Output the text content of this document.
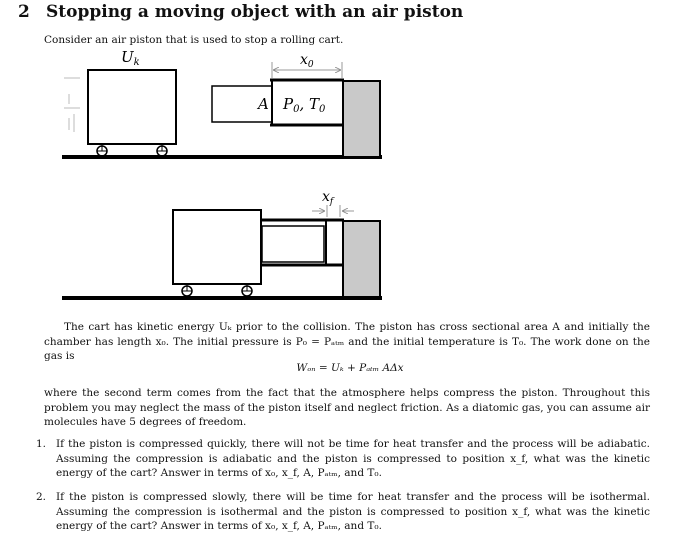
2 Stopping a moving object with an air piston
Consider an air piston that is used to stop a rolling cart.
$U_k$	$x_0$
A $P_0$, $T_0$
$x_f$
The cart has kinetic energy Uₖ prior to the collision. The piston has cross sectional area A and initially the chamber has length x₀. The initial pressure is P₀ = Pₐₜₘ and the initial temperature is T₀. The work done on the gas is
Wₒₙ = Uₖ + Pₐₜₘ AΔx
where the second term comes from the fact that the atmosphere helps compress the piston. Throughout this problem you may neglect the mass of the piston itself and neglect friction. As a diatomic gas, you can assume air molecules have 5 degrees of freedom.
1. If the piston is compressed quickly, there will not be time for heat transfer and the process will be adiabatic. Assuming the compression is adiabatic and the piston is compressed to position x_f, what was the kinetic energy of the cart? Answer in terms of x₀, x_f, A, Pₐₜₘ, and T₀.
2. If the piston is compressed slowly, there will be time for heat transfer and the process will be isothermal. Assuming the compression is isothermal and the piston is compressed to position x_f, what was the kinetic energy of the cart? Answer in terms of x₀, x_f, A, Pₐₜₘ, and T₀.
